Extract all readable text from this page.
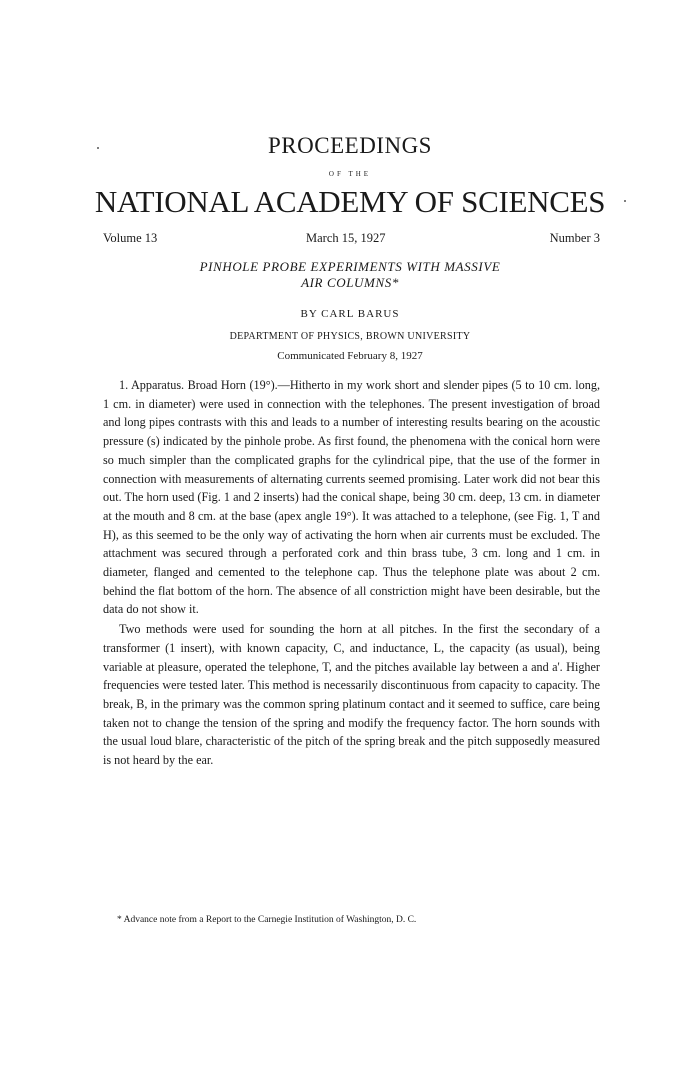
PROCEEDINGS
OF THE
NATIONAL ACADEMY OF SCIENCES
Volume 13	March 15, 1927	Number 3
PINHOLE PROBE EXPERIMENTS WITH MASSIVE
AIR COLUMNS*
BY CARL BARUS
DEPARTMENT OF PHYSICS, BROWN UNIVERSITY
Communicated February 8, 1927

1. Apparatus. Broad Horn (19°).—Hitherto in my work short and slender pipes (5 to 10 cm. long, 1 cm. in diameter) were used in connection with the telephones. The present investigation of broad and long pipes contrasts with this and leads to a number of interesting results bearing on the acoustic pressure (s) indicated by the pinhole probe. As first found, the phenomena with the conical horn were so much simpler than the complicated graphs for the cylindrical pipe, that the use of the former in connection with measurements of alternating currents seemed promising. Later work did not bear this out. The horn used (Fig. 1 and 2 inserts) had the conical shape, being 30 cm. deep, 13 cm. in diameter at the mouth and 8 cm. at the base (apex angle 19°). It was attached to a telephone, (see Fig. 1, T and H), as this seemed to be the only way of activating the horn when air currents must be excluded. The attachment was secured through a perforated cork and thin brass tube, 3 cm. long and 1 cm. in diameter, flanged and cemented to the telephone cap. Thus the telephone plate was about 2 cm. behind the flat bottom of the horn. The absence of all constriction might have been desirable, but the data do not show it.

Two methods were used for sounding the horn at all pitches. In the first the secondary of a transformer (1 insert), with known capacity, C, and inductance, L, the capacity (as usual), being variable at pleasure, operated the telephone, T, and the pitches available lay between a and a'. Higher frequencies were tested later. This method is necessarily discontinuous from capacity to capacity. The break, B, in the primary was the common spring platinum contact and it seemed to suffice, care being taken not to change the tension of the spring and modify the frequency factor. The horn sounds with the usual loud blare, characteristic of the pitch of the spring break and the pitch supposedly measured is not heard by the ear.

* Advance note from a Report to the Carnegie Institution of Washington, D. C.
